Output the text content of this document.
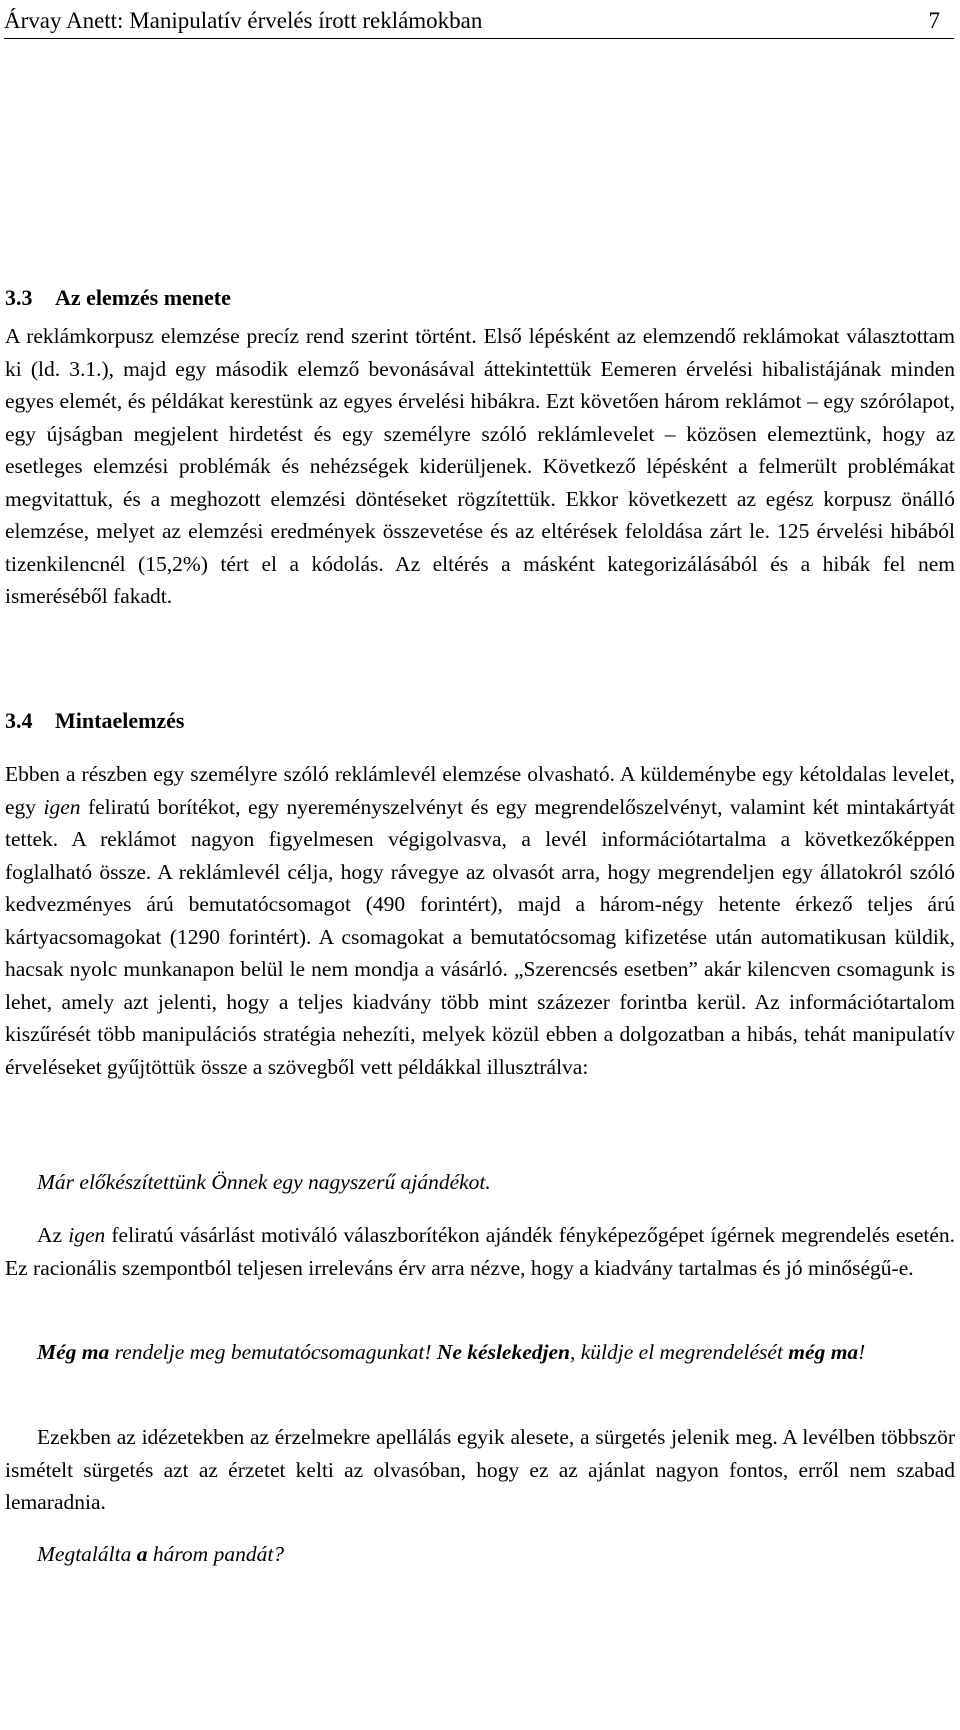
Árvay Anett: Manipulatív érvelés írott reklámokban	7
3.3 Az elemzés menete

A reklámkorpusz elemzése precíz rend szerint történt. Első lépésként az elemzendő reklámokat választottam ki (ld. 3.1.), majd egy második elemző bevonásával áttekintettük Eemeren érvelési hibalistájának minden egyes elemét, és példákat kerestünk az egyes érvelési hibákra. Ezt követően három reklámot – egy szórólapot, egy újságban megjelent hirdetést és egy személyre szóló reklámlevelet – közösen elemeztünk, hogy az esetleges elemzési problémák és nehézségek kiderüljenek. Következő lépésként a felmerült problémákat megvitattuk, és a meghozott elemzési döntéseket rögzítettük. Ekkor következett az egész korpusz önálló elemzése, melyet az elemzési eredmények összevetése és az eltérések feloldása zárt le. 125 érvelési hibából tizenkilencnél (15,2%) tért el a kódolás. Az eltérés a másként kategorizálásából és a hibák fel nem ismeréséből fakadt.

3.4 Mintaelemzés

Ebben a részben egy személyre szóló reklámlevél elemzése olvasható. A küldeménybe egy kétoldalas levelet, egy igen feliratú borítékot, egy nyereményszelvényt és egy megrendelőszelvényt, valamint két mintakártyát tettek. A reklámot nagyon figyelmesen végigolvasva, a levél információtartalma a következőképpen foglalható össze. A reklámlevél célja, hogy rávegye az olvasót arra, hogy megrendeljen egy állatokról szóló kedvezményes árú bemutatócsomagot (490 forintért), majd a három-négy hetente érkező teljes árú kártyacsomagokat (1290 forintért). A csomagokat a bemutatócsomag kifizetése után automatikusan küldik, hacsak nyolc munkanapon belül le nem mondja a vásárló. „Szerencsés esetben” akár kilencven csomagunk is lehet, amely azt jelenti, hogy a teljes kiadvány több mint százezer forintba kerül. Az információtartalom kiszűrését több manipulációs stratégia nehezíti, melyek közül ebben a dolgozatban a hibás, tehát manipulatív érveléseket gyűjtöttük össze a szövegből vett példákkal illusztrálva:

Már előkészítettünk Önnek egy nagyszerű ajándékot.

Az igen feliratú vásárlást motiváló válaszborítékon ajándék fényképezőgépet ígérnek megrendelés esetén. Ez racionális szempontból teljesen irreleváns érv arra nézve, hogy a kiadvány tartalmas és jó minőségű-e.

Még ma rendelje meg bemutatócsomagunkat! Ne késlekedjen, küldje el megrendelését még ma!

Ezekben az idézetekben az érzelmekre apellálás egyik alesete, a sürgetés jelenik meg. A levélben többször ismételt sürgetés azt az érzetet kelti az olvasóban, hogy ez az ajánlat nagyon fontos, erről nem szabad lemaradnia.

Megtalálta a három pandát?
